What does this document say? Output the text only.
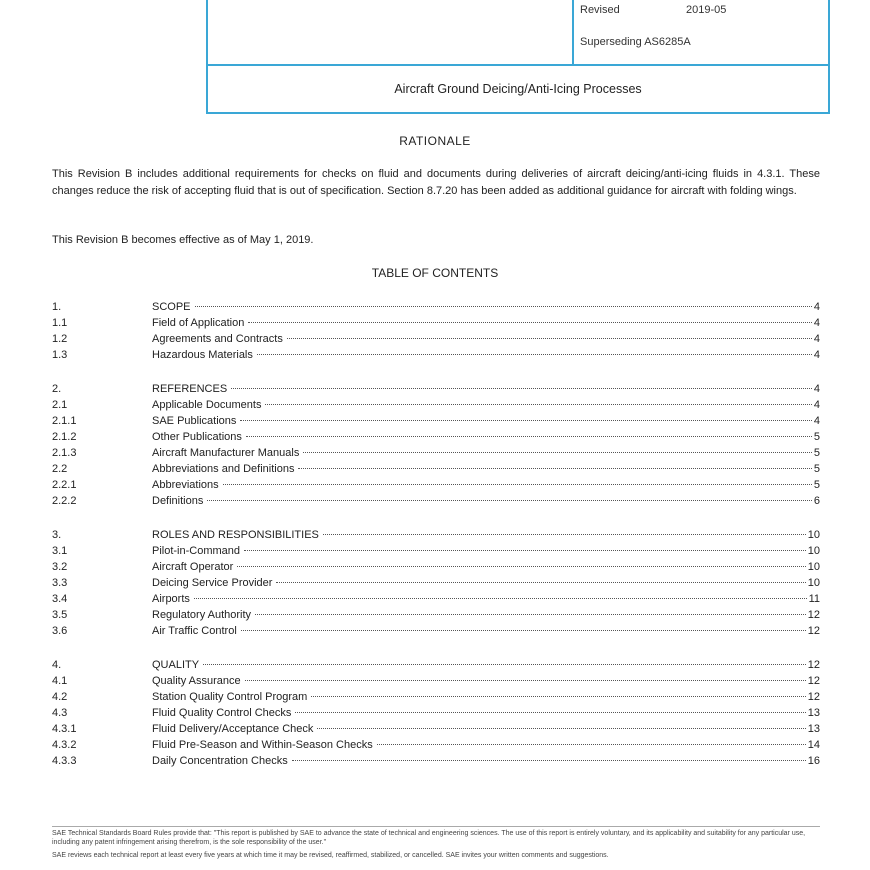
Revised	2019-05
Superseding AS6285A
Aircraft Ground Deicing/Anti-Icing Processes
RATIONALE
This Revision B includes additional requirements for checks on fluid and documents during deliveries of aircraft deicing/anti-icing fluids in 4.3.1. These changes reduce the risk of accepting fluid that is out of specification. Section 8.7.20 has been added as additional guidance for aircraft with folding wings.
This Revision B becomes effective as of May 1, 2019.
TABLE OF CONTENTS
1.	SCOPE	4
1.1	Field of Application	4
1.2	Agreements and Contracts	4
1.3	Hazardous Materials	4
2.	REFERENCES	4
2.1	Applicable Documents	4
2.1.1	SAE Publications	4
2.1.2	Other Publications	5
2.1.3	Aircraft Manufacturer Manuals	5
2.2	Abbreviations and Definitions	5
2.2.1	Abbreviations	5
2.2.2	Definitions	6
3.	ROLES AND RESPONSIBILITIES	10
3.1	Pilot-in-Command	10
3.2	Aircraft Operator	10
3.3	Deicing Service Provider	10
3.4	Airports	11
3.5	Regulatory Authority	12
3.6	Air Traffic Control	12
4.	QUALITY	12
4.1	Quality Assurance	12
4.2	Station Quality Control Program	12
4.3	Fluid Quality Control Checks	13
4.3.1	Fluid Delivery/Acceptance Check	13
4.3.2	Fluid Pre-Season and Within-Season Checks	14
4.3.3	Daily Concentration Checks	16
SAE Technical Standards Board Rules provide that: "This report is published by SAE to advance the state of technical and engineering sciences. The use of this report is entirely voluntary, and its applicability and suitability for any particular use, including any patent infringement arising therefrom, is the sole responsibility of the user."
SAE reviews each technical report at least every five years at which time it may be revised, reaffirmed, stabilized, or cancelled. SAE invites your written comments and suggestions.
